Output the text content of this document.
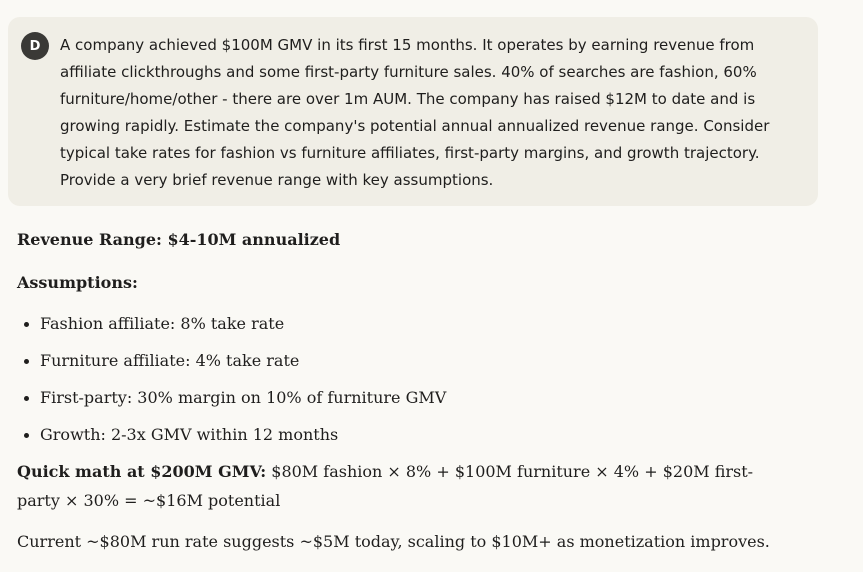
D	A company achieved $100M GMV in its first 15 months. It operates by earning revenue from affiliate clickthroughs and some first-party furniture sales. 40% of searches are fashion, 60% furniture/home/other - there are over 1m AUM. The company has raised $12M to date and is growing rapidly. Estimate the company's potential annual annualized revenue range. Consider typical take rates for fashion vs furniture affiliates, first-party margins, and growth trajectory. Provide a very brief revenue range with key assumptions.

Revenue Range: $4-10M annualized

Assumptions:

Fashion affiliate: 8% take rate
Furniture affiliate: 4% take rate
First-party: 30% margin on 10% of furniture GMV
Growth: 2-3x GMV within 12 months

Quick math at $200M GMV: $80M fashion × 8% + $100M furniture × 4% + $20M first-party × 30% = ~$16M potential

Current ~$80M run rate suggests ~$5M today, scaling to $10M+ as monetization improves.
